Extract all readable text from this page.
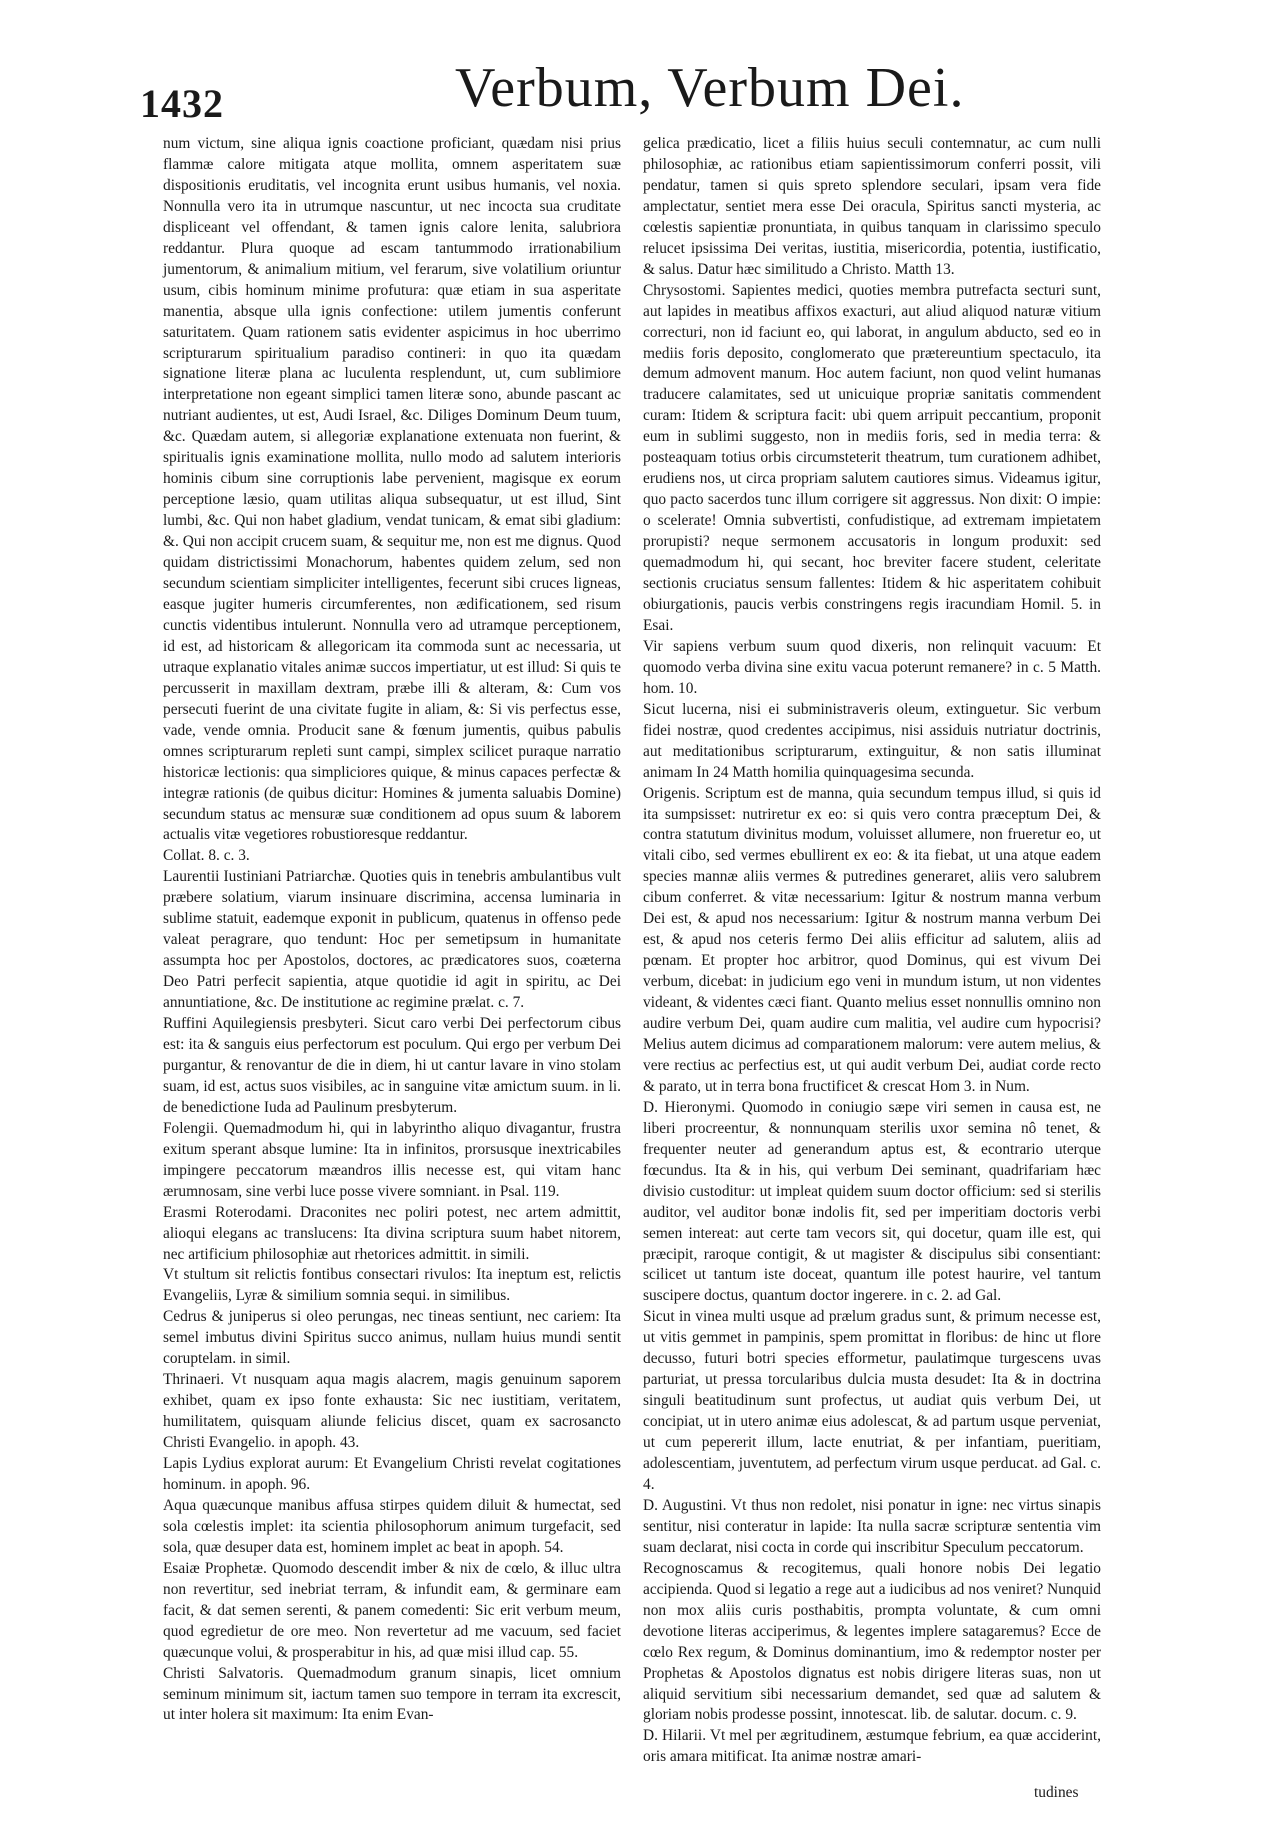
1432	Verbum, Verbum Dei.

num victum, sine aliqua ignis coactione proficiant, quædam nisi prius flammæ calore mitigata atque mollita, omnem asperitatem suæ dispositionis eruditatis, vel incognita erunt usibus humanis, vel noxia. Nonnulla vero ita in utrumque nascuntur, ut nec incocta sua cruditate displiceant vel offendant, & tamen ignis calore lenita, salubriora reddantur. Plura quoque ad escam tantummodo irrationabilium jumentorum, & animalium mitium, vel ferarum, sive volatilium oriuntur usum, cibis hominum minime profutura: quæ etiam in sua asperitate manentia, absque ulla ignis confectione: utilem jumentis conferunt saturitatem. Quam rationem satis evidenter aspicimus in hoc uberrimo scripturarum spiritualium paradiso contineri: in quo ita quædam signatione literæ plana ac luculenta resplendunt, ut, cum sublimiore interpretatione non egeant simplici tamen literæ sono, abunde pascant ac nutriant audientes, ut est, Audi Israel, &c. Diliges Dominum Deum tuum, &c. Quædam autem, si allegoriæ explanatione extenuata non fuerint, & spiritualis ignis examinatione mollita, nullo modo ad salutem interioris hominis cibum sine corruptionis labe pervenient, magisque ex eorum perceptione læsio, quam utilitas aliqua subsequatur, ut est illud, Sint lumbi, &c. Qui non habet gladium, vendat tunicam, & emat sibi gladium: &. Qui non accipit crucem suam, & sequitur me, non est me dignus. Quod quidam districtissimi Monachorum, habentes quidem zelum, sed non secundum scientiam simpliciter intelligentes, fecerunt sibi cruces ligneas, easque jugiter humeris circumferentes, non ædificationem, sed risum cunctis videntibus intulerunt. Nonnulla vero ad utramque perceptionem, id est, ad historicam & allegoricam ita commoda sunt ac necessaria, ut utraque explanatio vitales animæ succos impertiatur, ut est illud: Si quis te percusserit in maxillam dextram, præbe illi & alteram, &: Cum vos persecuti fuerint de una civitate fugite in aliam, &: Si vis perfectus esse, vade, vende omnia. Producit sane & fœnum jumentis, quibus pabulis omnes scripturarum repleti sunt campi, simplex scilicet puraque narratio historicæ lectionis: qua simpliciores quique, & minus capaces perfectæ & integræ rationis (de quibus dicitur: Homines & jumenta saluabis Domine) secundum status ac mensuræ suæ conditionem ad opus suum & laborem actualis vitæ vegetiores robustioresque reddantur.

Collat. 8. c. 3.

Laurentii Iustiniani Patriarchæ. Quoties quis in tenebris ambulantibus vult præbere solatium, viarum insinuare discrimina, accensa luminaria in sublime statuit, eademque exponit in publicum, quatenus in offenso pede valeat peragrare, quo tendunt: Hoc per semetipsum in humanitate assumpta hoc per Apostolos, doctores, ac prædicatores suos, coæterna Deo Patri perfecit sapientia, atque quotidie id agit in spiritu, ac Dei annuntiatione, &c. De institutione ac regimine prælat. c. 7.

Ruffini Aquilegiensis presbyteri. Sicut caro verbi Dei perfectorum cibus est: ita & sanguis eius perfectorum est poculum. Qui ergo per verbum Dei purgantur, & renovantur de die in diem, hi ut cantur lavare in vino stolam suam, id est, actus suos visibiles, ac in sanguine vitæ amictum suum. in li. de benedictione Iuda ad Paulinum presbyterum.

Folengii. Quemadmodum hi, qui in labyrintho aliquo divagantur, frustra exitum sperant absque lumine: Ita in infinitos, prorsusque inextricabiles impingere peccatorum mæandros illis necesse est, qui vitam hanc ærumnosam, sine verbi luce posse vivere somniant. in Psal. 119.

Erasmi Roterodami. Draconites nec poliri potest, nec artem admittit, alioqui elegans ac translucens: Ita divina scriptura suum habet nitorem, nec artificium philosophiæ aut rhetorices admittit. in simili.

Vt stultum sit relictis fontibus consectari rivulos: Ita ineptum est, relictis Evangeliis, Lyræ & similium somnia sequi. in similibus.

Cedrus & juniperus si oleo perungas, nec tineas sentiunt, nec cariem: Ita semel imbutus divini Spiritus succo animus, nullam huius mundi sentit coruptelam. in simil.

Thrinaeri. Vt nusquam aqua magis alacrem, magis genuinum saporem exhibet, quam ex ipso fonte exhausta: Sic nec iustitiam, veritatem, humilitatem, quisquam aliunde felicius discet, quam ex sacrosancto Christi Evangelio. in apoph. 43.

Lapis Lydius explorat aurum: Et Evangelium Christi revelat cogitationes hominum. in apoph. 96.

Aqua quæcunque manibus affusa stirpes quidem diluit & humectat, sed sola cœlestis implet: ita scientia philosophorum animum turgefacit, sed sola, quæ desuper data est, hominem implet ac beat in apoph. 54.

Esaiæ Prophetæ. Quomodo descendit imber & nix de cœlo, & illuc ultra non revertitur, sed inebriat terram, & infundit eam, & germinare eam facit, & dat semen serenti, & panem comedenti: Sic erit verbum meum, quod egredietur de ore meo. Non revertetur ad me vacuum, sed faciet quæcunque volui, & prosperabitur in his, ad quæ misi illud cap. 55.

Christi Salvatoris. Quemadmodum granum sinapis, licet omnium seminum minimum sit, iactum tamen suo tempore in terram ita excrescit, ut inter holera sit maximum: Ita enim Evan-

gelica prædicatio, licet a filiis huius seculi contemnatur, ac cum nulli philosophiæ, ac rationibus etiam sapientissimorum conferri possit, vili pendatur, tamen si quis spreto splendore seculari, ipsam vera fide amplectatur, sentiet mera esse Dei oracula, Spiritus sancti mysteria, ac cœlestis sapientiæ pronuntiata, in quibus tanquam in clarissimo speculo relucet ipsissima Dei veritas, iustitia, misericordia, potentia, iustificatio, & salus. Datur hæc similitudo a Christo. Matth 13.

Chrysostomi. Sapientes medici, quoties membra putrefacta secturi sunt, aut lapides in meatibus affixos exacturi, aut aliud aliquod naturæ vitium correcturi, non id faciunt eo, qui laborat, in angulum abducto, sed eo in mediis foris deposito, conglomerato que prætereuntium spectaculo, ita demum admovent manum. Hoc autem faciunt, non quod velint humanas traducere calamitates, sed ut unicuique propriæ sanitatis commendent curam: Itidem & scriptura facit: ubi quem arripuit peccantium, proponit eum in sublimi suggesto, non in mediis foris, sed in media terra: & posteaquam totius orbis circumsteterit theatrum, tum curationem adhibet, erudiens nos, ut circa propriam salutem cautiores simus. Videamus igitur, quo pacto sacerdos tunc illum corrigere sit aggressus. Non dixit: O impie: o scelerate! Omnia subvertisti, confudistique, ad extremam impietatem prorupisti? neque sermonem accusatoris in longum produxit: sed quemadmodum hi, qui secant, hoc breviter facere student, celeritate sectionis cruciatus sensum fallentes: Itidem & hic asperitatem cohibuit obiurgationis, paucis verbis constringens regis iracundiam Homil. 5. in Esai.

Vir sapiens verbum suum quod dixeris, non relinquit vacuum: Et quomodo verba divina sine exitu vacua poterunt remanere? in c. 5 Matth. hom. 10.

Sicut lucerna, nisi ei subministraveris oleum, extinguetur. Sic verbum fidei nostræ, quod credentes accipimus, nisi assiduis nutriatur doctrinis, aut meditationibus scripturarum, extinguitur, & non satis illuminat animam In 24 Matth homilia quinquagesima secunda.

Origenis. Scriptum est de manna, quia secundum tempus illud, si quis id ita sumpsisset: nutriretur ex eo: si quis vero contra præceptum Dei, & contra statutum divinitus modum, voluisset allumere, non frueretur eo, ut vitali cibo, sed vermes ebullirent ex eo: & ita fiebat, ut una atque eadem species mannæ aliis vermes & putredines generaret, aliis vero salubrem cibum conferret. & vitæ necessarium: Igitur & nostrum manna verbum Dei est, & apud nos necessarium: Igitur & nostrum manna verbum Dei est, & apud nos ceteris fermo Dei aliis efficitur ad salutem, aliis ad pœnam. Et propter hoc arbitror, quod Dominus, qui est vivum Dei verbum, dicebat: in judicium ego veni in mundum istum, ut non videntes videant, & videntes cæci fiant. Quanto melius esset nonnullis omnino non audire verbum Dei, quam audire cum malitia, vel audire cum hypocrisi? Melius autem dicimus ad comparationem malorum: vere autem melius, & vere rectius ac perfectius est, ut qui audit verbum Dei, audiat corde recto & parato, ut in terra bona fructificet & crescat Hom 3. in Num.

D. Hieronymi. Quomodo in coniugio sæpe viri semen in causa est, ne liberi procreentur, & nonnunquam sterilis uxor semina nô tenet, & frequenter neuter ad generandum aptus est, & econtrario uterque fœcundus. Ita & in his, qui verbum Dei seminant, quadrifariam hæc divisio custoditur: ut impleat quidem suum doctor officium: sed si sterilis auditor, vel auditor bonæ indolis fit, sed per imperitiam doctoris verbi semen intereat: aut certe tam vecors sit, qui docetur, quam ille est, qui præcipit, raroque contigit, & ut magister & discipulus sibi consentiant: scilicet ut tantum iste doceat, quantum ille potest haurire, vel tantum suscipere doctus, quantum doctor ingerere. in c. 2. ad Gal.

Sicut in vinea multi usque ad prælum gradus sunt, & primum necesse est, ut vitis gemmet in pampinis, spem promittat in floribus: de hinc ut flore decusso, futuri botri species efformetur, paulatimque turgescens uvas parturiat, ut pressa torcularibus dulcia musta desudet: Ita & in doctrina singuli beatitudinum sunt profectus, ut audiat quis verbum Dei, ut concipiat, ut in utero animæ eius adolescat, & ad partum usque perveniat, ut cum pepererit illum, lacte enutriat, & per infantiam, pueritiam, adolescentiam, juventutem, ad perfectum virum usque perducat. ad Gal. c. 4.

D. Augustini. Vt thus non redolet, nisi ponatur in igne: nec virtus sinapis sentitur, nisi conteratur in lapide: Ita nulla sacræ scripturæ sententia vim suam declarat, nisi cocta in corde qui inscribitur Speculum peccatorum.

Recognoscamus & recogitemus, quali honore nobis Dei legatio accipienda. Quod si legatio a rege aut a iudicibus ad nos veniret? Nunquid non mox aliis curis posthabitis, prompta voluntate, & cum omni devotione literas acciperimus, & legentes implere satagaremus? Ecce de cœlo Rex regum, & Dominus dominantium, imo & redemptor noster per Prophetas & Apostolos dignatus est nobis dirigere literas suas, non ut aliquid servitium sibi necessarium demandet, sed quæ ad salutem & gloriam nobis prodesse possint, innotescat. lib. de salutar. docum. c. 9.

D. Hilarii. Vt mel per ægritudinem, æstumque febrium, ea quæ acciderint, oris amara mitificat. Ita animæ nostræ amari-

tudines
